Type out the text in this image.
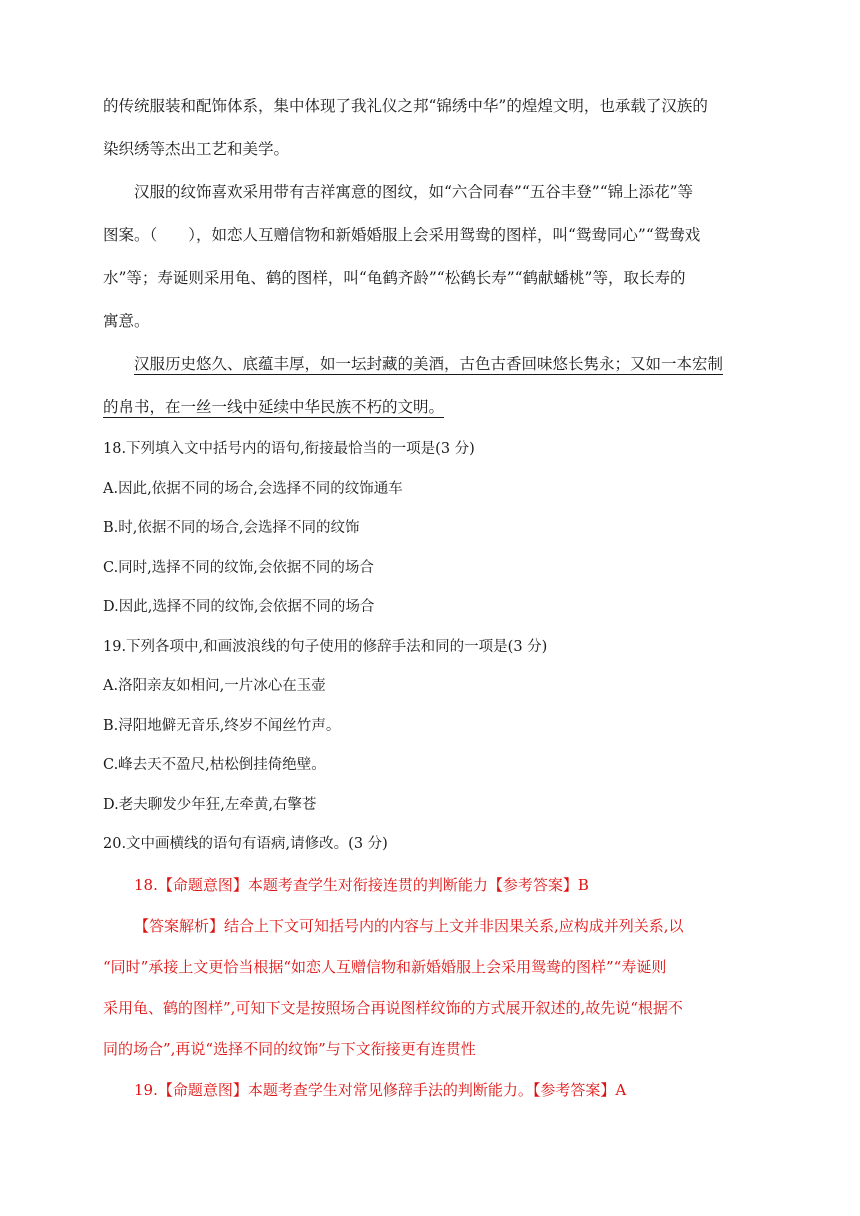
的传统服装和配饰体系，集中体现了我礼仪之邦“锦绣中华”的煌煌文明，也承载了汉族的

染织绣等杰出工艺和美学。

汉服的纹饰喜欢采用带有吉祥寓意的图纹，如“六合同春”“五谷丰登”“锦上添花”等

图案。（　　），如恋人互赠信物和新婚婚服上会采用鸳鸯的图样，叫“鸳鸯同心”“鸳鸯戏

水”等；寿诞则采用龟、鹤的图样，叫“龟鹤齐龄”“松鹤长寿”“鹤献蟠桃”等，取长寿的

寓意。

汉服历史悠久、底蕴丰厚，如一坛封藏的美酒，古色古香回味悠长隽永；又如一本宏制

的帛书，在一丝一线中延续中华民族不朽的文明。

18.下列填入文中括号内的语句,衔接最恰当的一项是(3 分)

A.因此,依据不同的场合,会选择不同的纹饰通车

B.时,依据不同的场合,会选择不同的纹饰

C.同时,选择不同的纹饰,会依据不同的场合

D.因此,选择不同的纹饰,会依据不同的场合

19.下列各项中,和画波浪线的句子使用的修辞手法和同的一项是(3 分)

A.洛阳亲友如相问,一片冰心在玉壶

B.浔阳地僻无音乐,终岁不闻丝竹声。

C.峰去天不盈尺,枯松倒挂倚绝壁。

D.老夫聊发少年狂,左牵黄,右擎苍

20.文中画横线的语句有语病,请修改。(3 分)

18.【命题意图】本题考查学生对衔接连贯的判断能力【参考答案】B

【答案解析】结合上下文可知括号内的内容与上文并非因果关系,应构成并列关系,以

“同时”承接上文更恰当根据“如恋人互赠信物和新婚婚服上会采用鸳鸯的图样”“寿诞则

采用龟、鹤的图样”,可知下文是按照场合再说图样纹饰的方式展开叙述的,故先说“根据不

同的场合”,再说“选择不同的纹饰”与下文衔接更有连贯性

19.【命题意图】本题考查学生对常见修辞手法的判断能力。【参考答案】A
